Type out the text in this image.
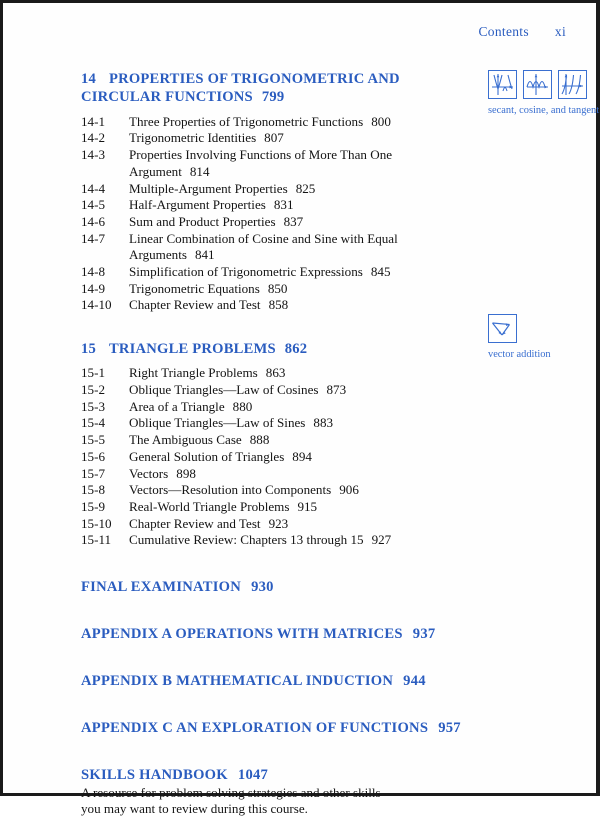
Contents xi
14 PROPERTIES OF TRIGONOMETRIC AND CIRCULAR FUNCTIONS 799
14-1	Three Properties of Trigonometric Functions 800
14-2	Trigonometric Identities 807
14-3	Properties Involving Functions of More Than One
Argument 814
14-4	Multiple-Argument Properties 825
14-5	Half-Argument Properties 831
14-6	Sum and Product Properties 837
14-7	Linear Combination of Cosine and Sine with Equal
Arguments 841
14-8	Simplification of Trigonometric Expressions 845
14-9	Trigonometric Equations 850
14-10	Chapter Review and Test 858
15 TRIANGLE PROBLEMS 862
15-1	Right Triangle Problems 863
15-2	Oblique Triangles—Law of Cosines 873
15-3	Area of a Triangle 880
15-4	Oblique Triangles—Law of Sines 883
15-5	The Ambiguous Case 888
15-6	General Solution of Triangles 894
15-7	Vectors 898
15-8	Vectors—Resolution into Components 906
15-9	Real-World Triangle Problems 915
15-10	Chapter Review and Test 923
15-11	Cumulative Review: Chapters 13 through 15 927
FINAL EXAMINATION 930
APPENDIX A OPERATIONS WITH MATRICES 937
APPENDIX B MATHEMATICAL INDUCTION 944
APPENDIX C AN EXPLORATION OF FUNCTIONS 957
SKILLS HANDBOOK 1047
A resource for problem solving strategies and other skills
you may want to review during this course.
secant, cosine, and tangent
vector addition
